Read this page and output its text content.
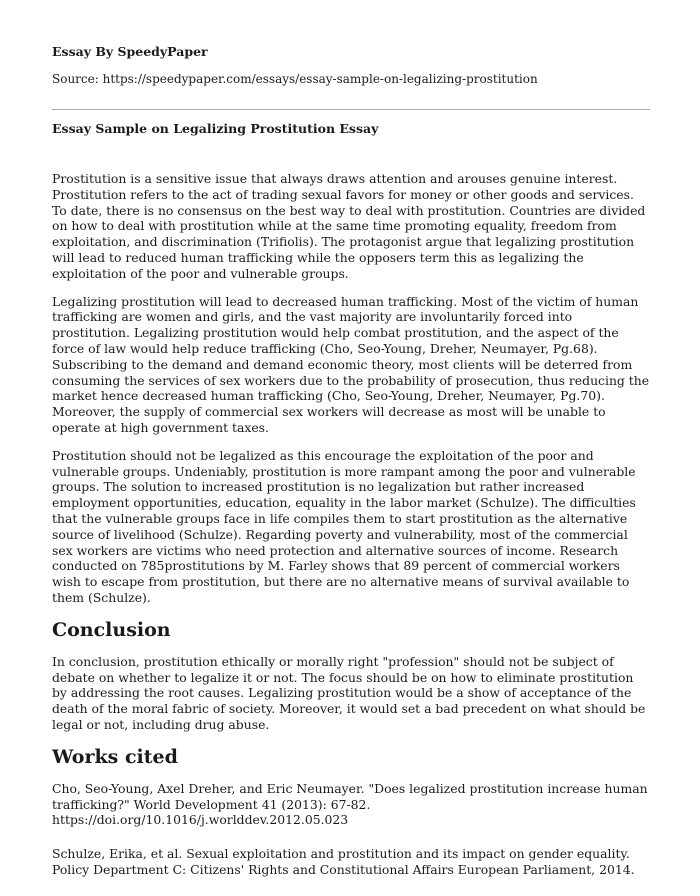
Essay By SpeedyPaper
Source: https://speedypaper.com/essays/essay-sample-on-legalizing-prostitution
Essay Sample on Legalizing Prostitution Essay

Prostitution is a sensitive issue that always draws attention and arouses genuine interest. Prostitution refers to the act of trading sexual favors for money or other goods and services. To date, there is no consensus on the best way to deal with prostitution. Countries are divided on how to deal with prostitution while at the same time promoting equality, freedom from exploitation, and discrimination (Trifiolis). The protagonist argue that legalizing prostitution will lead to reduced human trafficking while the opposers term this as legalizing the exploitation of the poor and vulnerable groups.

Legalizing prostitution will lead to decreased human trafficking. Most of the victim of human trafficking are women and girls, and the vast majority are involuntarily forced into prostitution. Legalizing prostitution would help combat prostitution, and the aspect of the force of law would help reduce trafficking (Cho, Seo-Young, Dreher, Neumayer, Pg.68). Subscribing to the demand and demand economic theory, most clients will be deterred from consuming the services of sex workers due to the probability of prosecution, thus reducing the market hence decreased human trafficking (Cho, Seo-Young, Dreher, Neumayer, Pg.70). Moreover, the supply of commercial sex workers will decrease as most will be unable to operate at high government taxes.

Prostitution should not be legalized as this encourage the exploitation of the poor and vulnerable groups. Undeniably, prostitution is more rampant among the poor and vulnerable groups. The solution to increased prostitution is no legalization but rather increased employment opportunities, education, equality in the labor market (Schulze). The difficulties that the vulnerable groups face in life compiles them to start prostitution as the alternative source of livelihood (Schulze). Regarding poverty and vulnerability, most of the commercial sex workers are victims who need protection and alternative sources of income. Research conducted on 785prostitutions by M. Farley shows that 89 percent of commercial workers wish to escape from prostitution, but there are no alternative means of survival available to them (Schulze).

Conclusion

In conclusion, prostitution ethically or morally right "profession" should not be subject of debate on whether to legalize it or not. The focus should be on how to eliminate prostitution by addressing the root causes. Legalizing prostitution would be a show of acceptance of the death of the moral fabric of society. Moreover, it would set a bad precedent on what should be legal or not, including drug abuse.

Works cited

Cho, Seo-Young, Axel Dreher, and Eric Neumayer. "Does legalized prostitution increase human trafficking?" World Development 41 (2013): 67-82. https://doi.org/10.1016/j.worlddev.2012.05.023

Schulze, Erika, et al. Sexual exploitation and prostitution and its impact on gender equality. Policy Department C: Citizens' Rights and Constitutional Affairs European Parliament, 2014.
